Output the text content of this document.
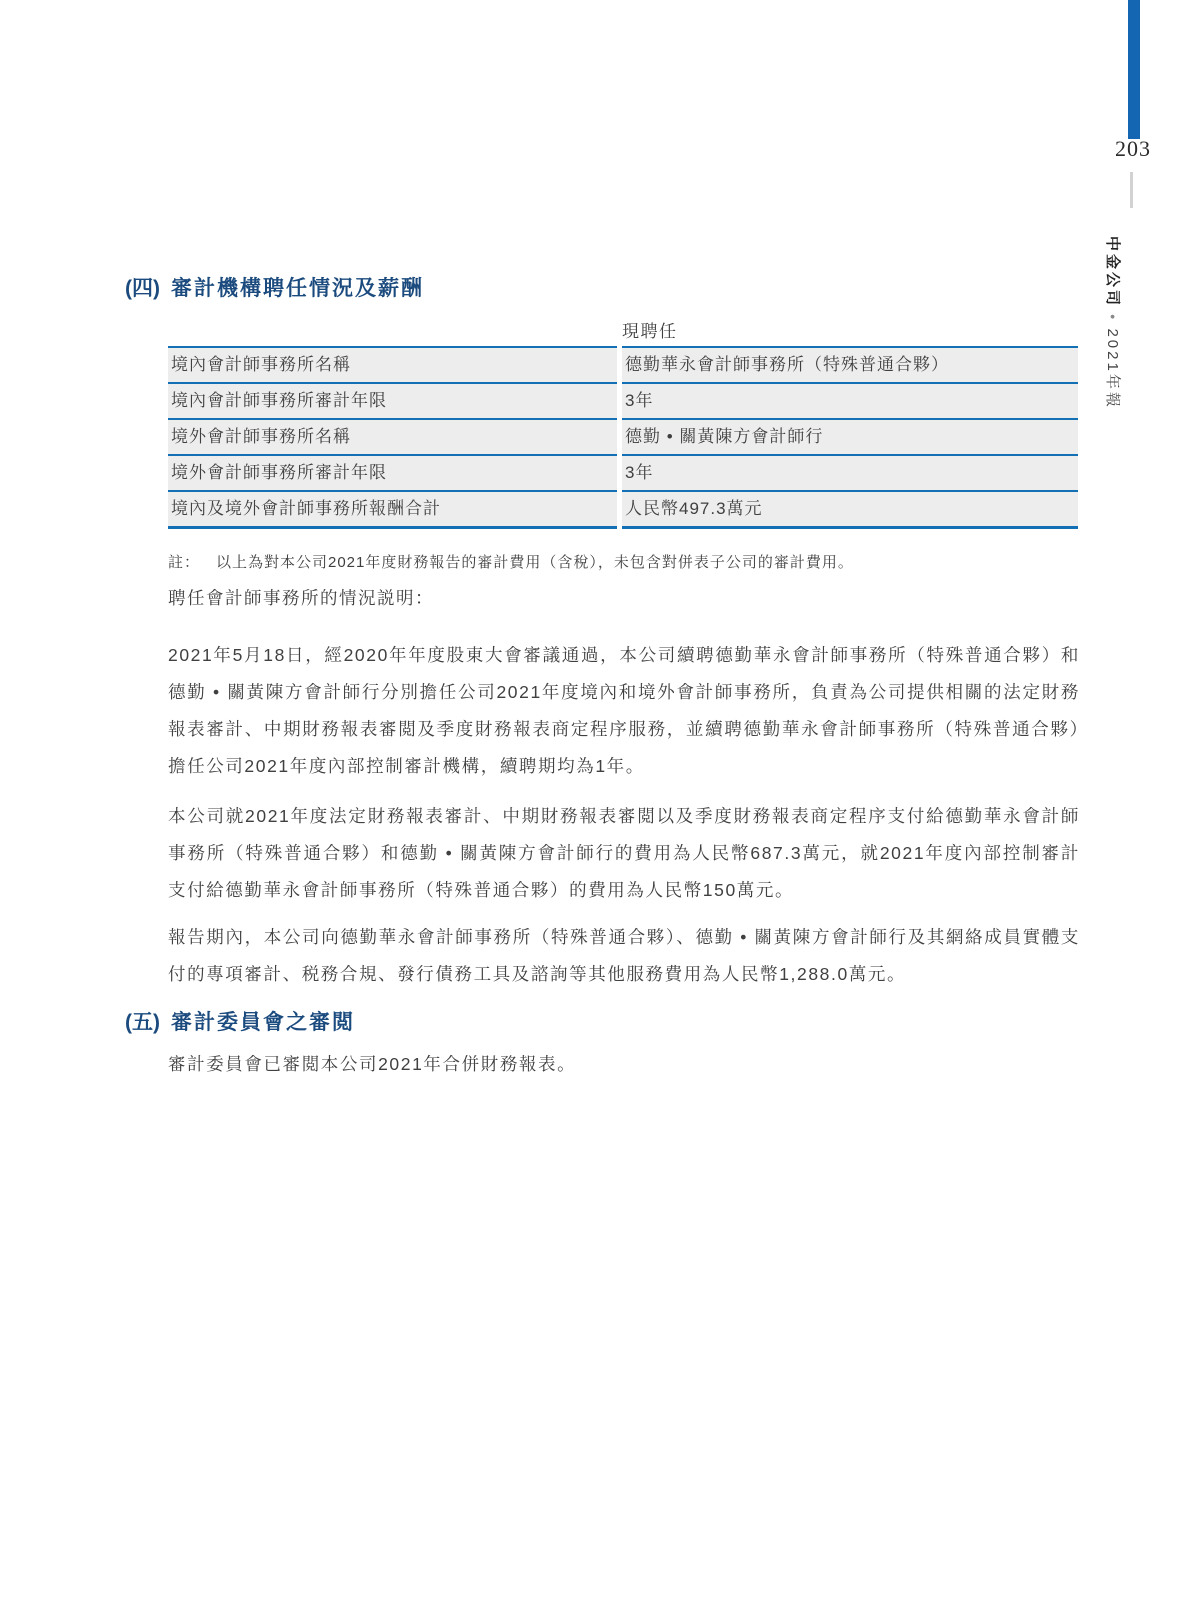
203
中金公司●2021年報
(四) 審計機構聘任情況及薪酬
現聘任
境內會計師事務所名稱	德勤華永會計師事務所（特殊普通合夥）
境內會計師事務所審計年限	3年
境外會計師事務所名稱	德勤 • 關黃陳方會計師行
境外會計師事務所審計年限	3年
境內及境外會計師事務所報酬合計	人民幣497.3萬元
註：	以上為對本公司2021年度財務報告的審計費用（含稅），未包含對併表子公司的審計費用。
聘任會計師事務所的情況説明：
2021年5月18日，經2020年年度股東大會審議通過，本公司續聘德勤華永會計師事務所（特殊普通合夥）和德勤 • 關黃陳方會計師行分別擔任公司2021年度境內和境外會計師事務所，負責為公司提供相關的法定財務報表審計、中期財務報表審閲及季度財務報表商定程序服務，並續聘德勤華永會計師事務所（特殊普通合夥）擔任公司2021年度內部控制審計機構，續聘期均為1年。
本公司就2021年度法定財務報表審計、中期財務報表審閲以及季度財務報表商定程序支付給德勤華永會計師事務所（特殊普通合夥）和德勤 • 關黃陳方會計師行的費用為人民幣687.3萬元，就2021年度內部控制審計支付給德勤華永會計師事務所（特殊普通合夥）的費用為人民幣150萬元。
報告期內，本公司向德勤華永會計師事務所（特殊普通合夥）、德勤 • 關黃陳方會計師行及其網絡成員實體支付的專項審計、税務合規、發行債務工具及諮詢等其他服務費用為人民幣1,288.0萬元。
(五) 審計委員會之審閲
審計委員會已審閲本公司2021年合併財務報表。
